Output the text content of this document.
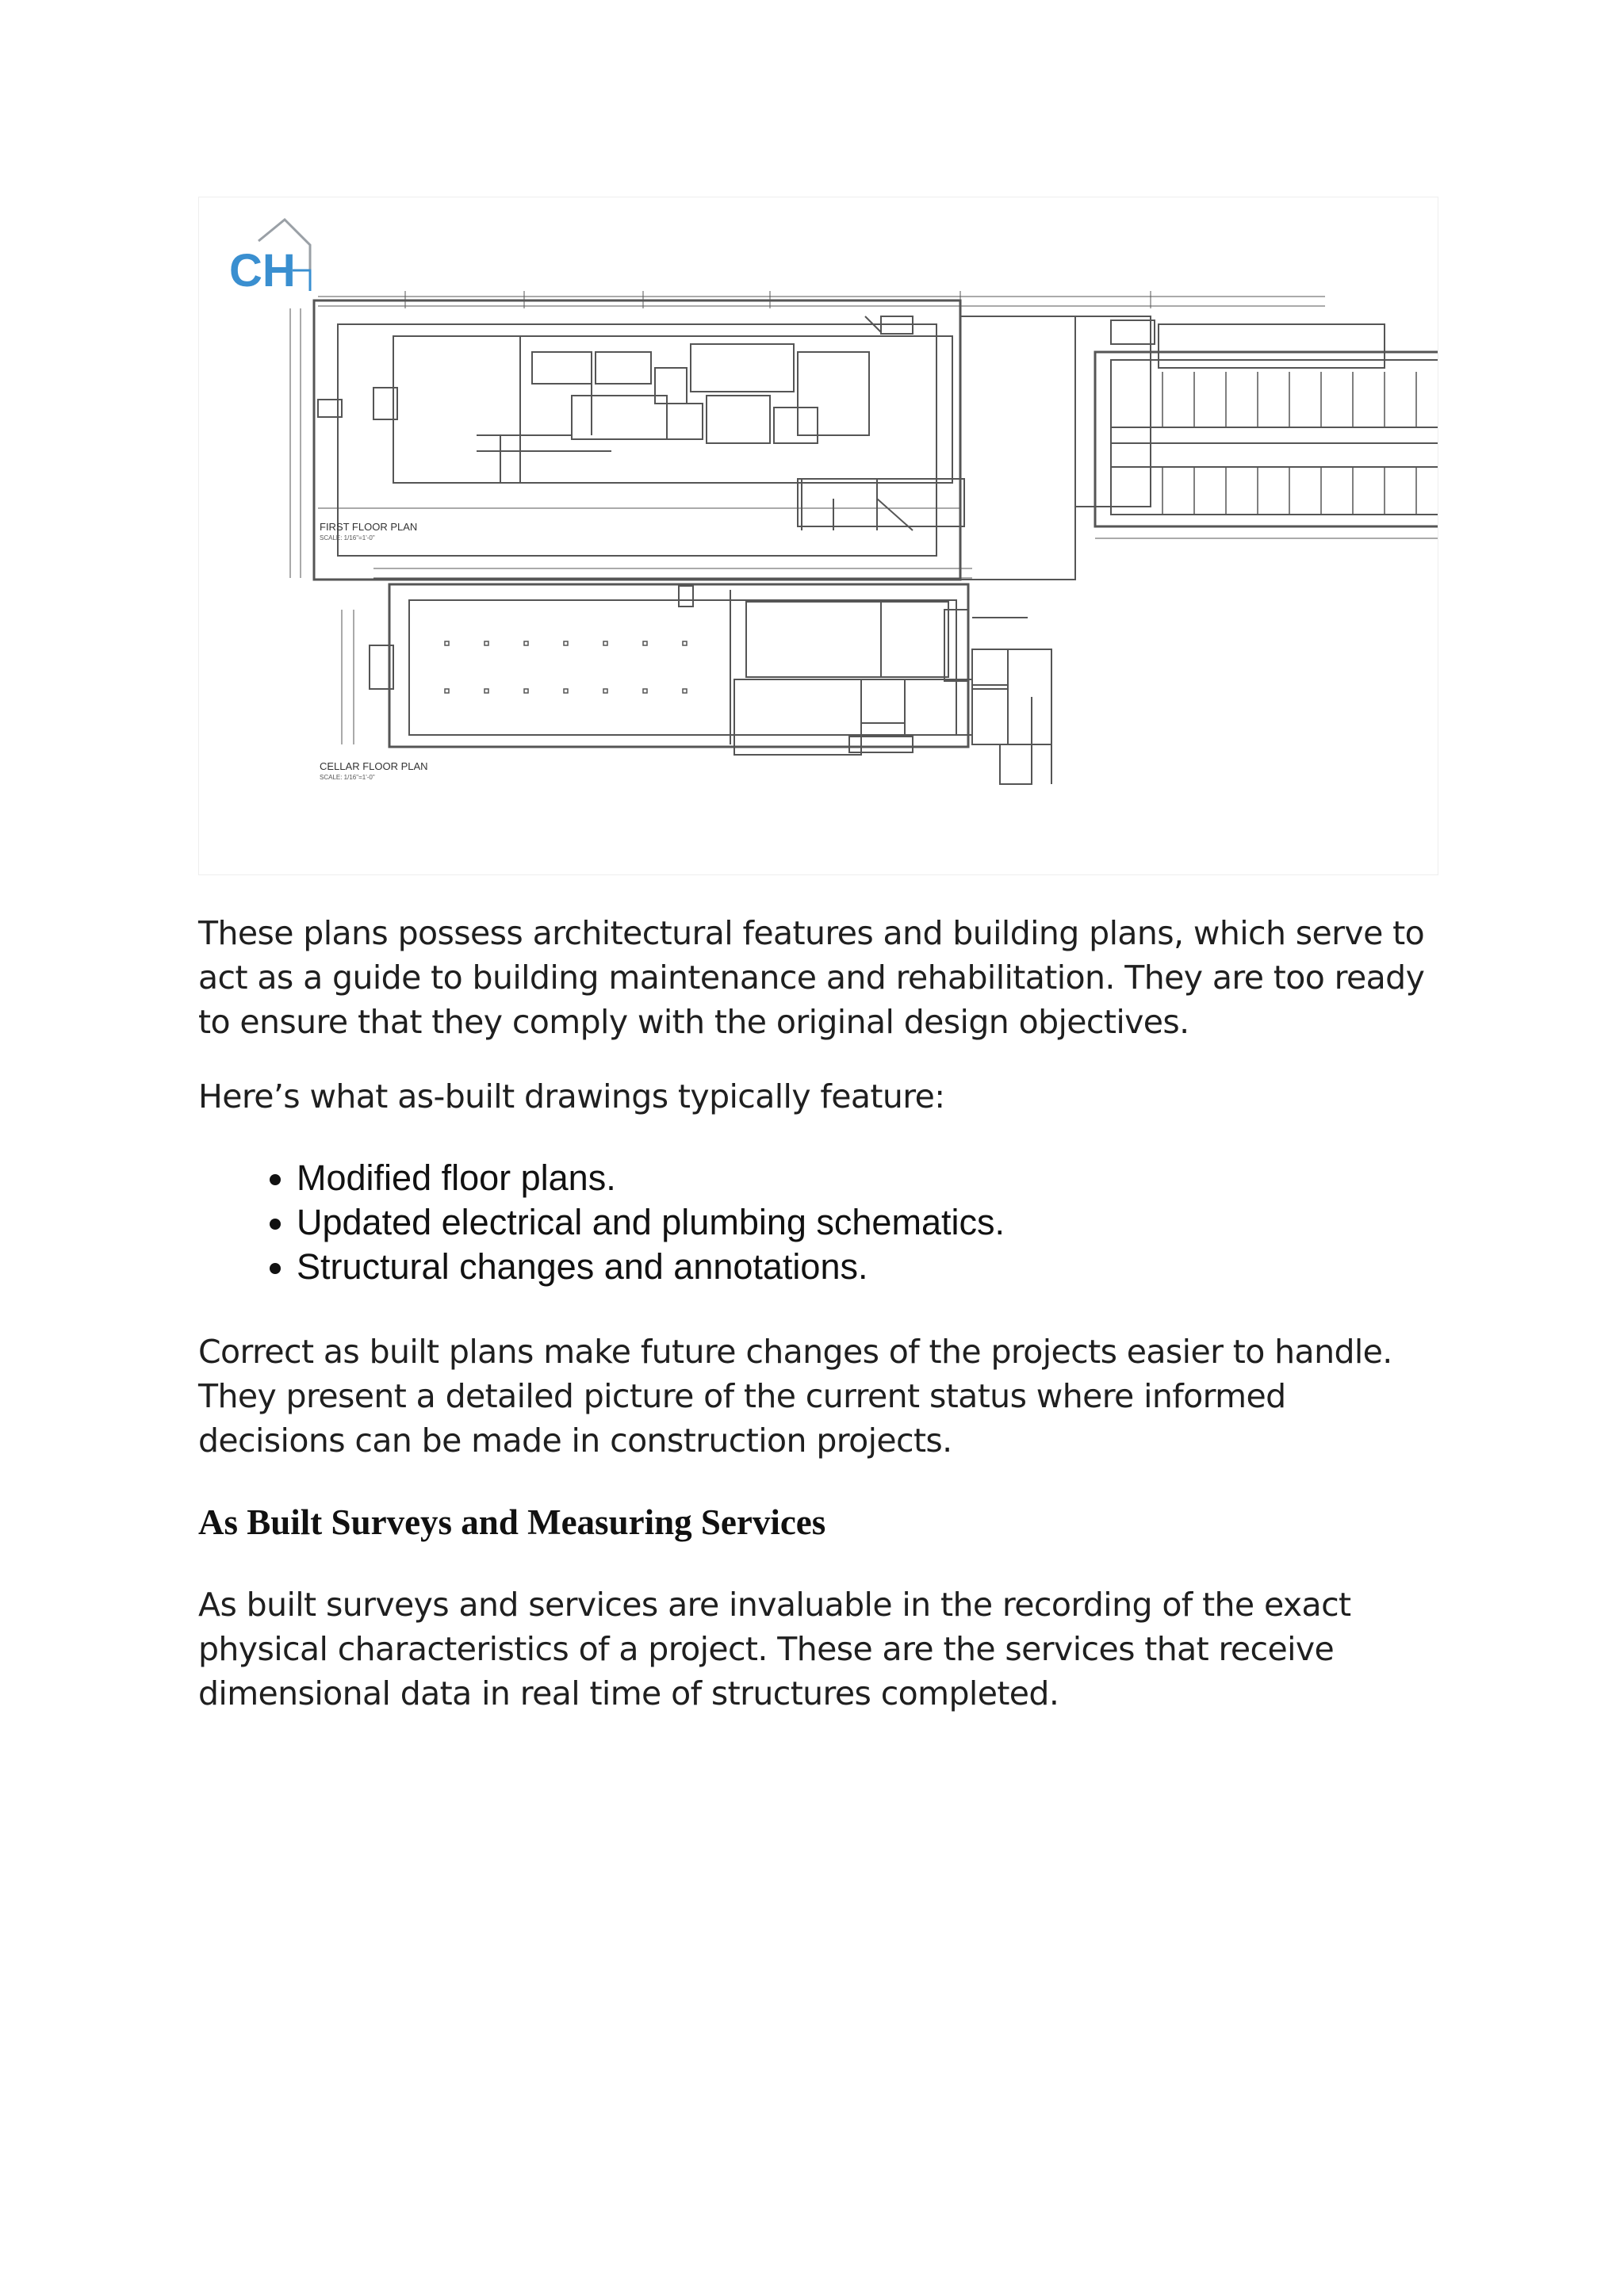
CH
FIRST FLOOR PLAN
SCALE: 1/16"=1'-0"
CELLAR FLOOR PLAN
SCALE: 1/16"=1'-0"

These plans possess architectural features and building plans, which serve to act as a guide to building maintenance and rehabilitation. They are too ready to ensure that they comply with the original design objectives.

Here’s what as-built drawings typically feature:

• Modified floor plans.
• Updated electrical and plumbing schematics.
• Structural changes and annotations.

Correct as built plans make future changes of the projects easier to handle. They present a detailed picture of the current status where informed decisions can be made in construction projects.

As Built Surveys and Measuring Services

As built surveys and services are invaluable in the recording of the exact physical characteristics of a project. These are the services that receive dimensional data in real time of structures completed.
